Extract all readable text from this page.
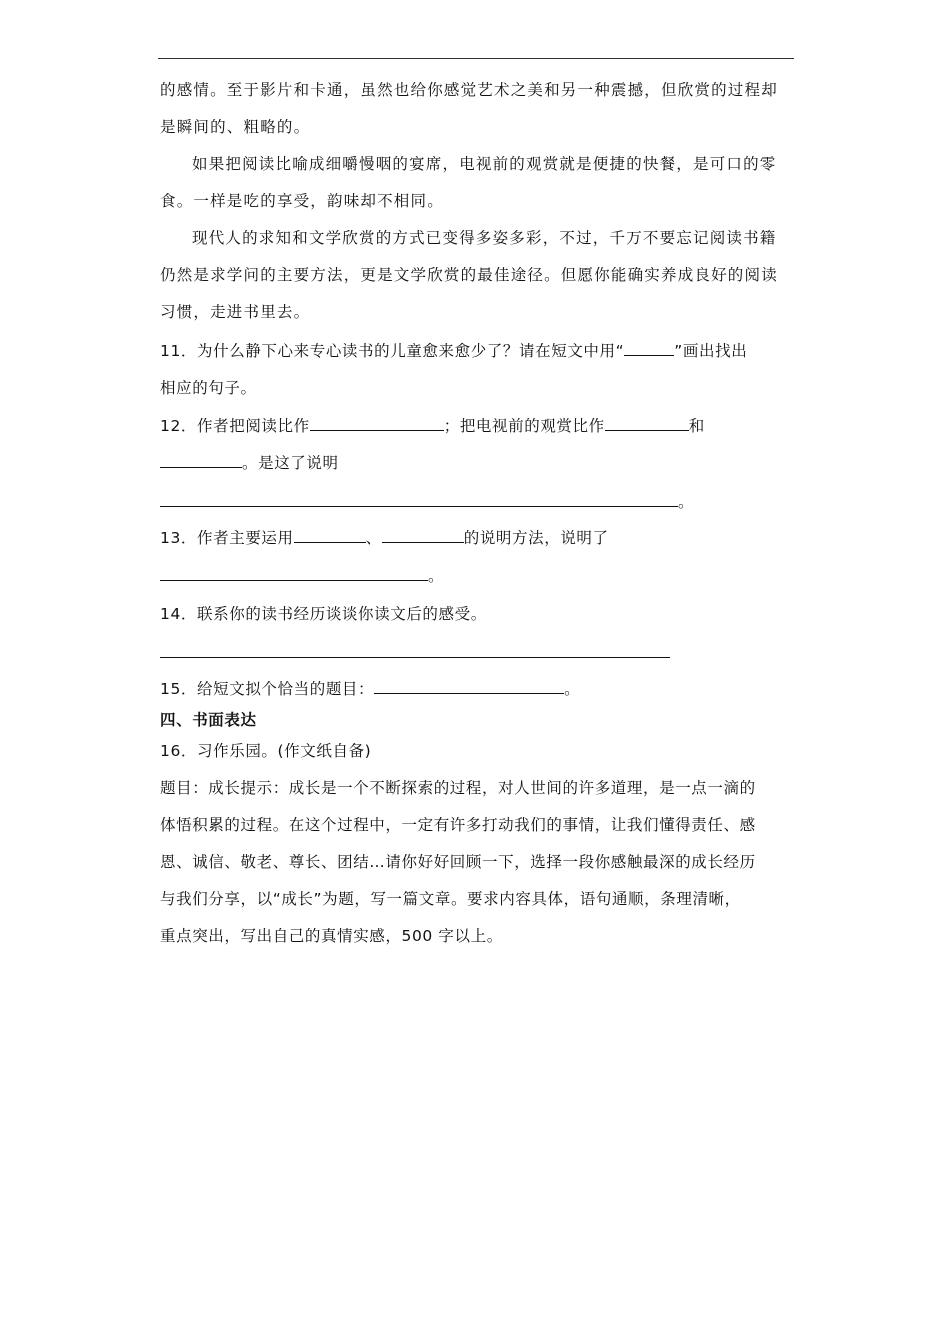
的感情。至于影片和卡通，虽然也给你感觉艺术之美和另一种震撼，但欣赏的过程却
是瞬间的、粗略的。
如果把阅读比喻成细嚼慢咽的宴席，电视前的观赏就是便捷的快餐，是可口的零
食。一样是吃的享受，韵味却不相同。
现代人的求知和文学欣赏的方式已变得多姿多彩，不过，千万不要忘记阅读书籍
仍然是求学问的主要方法，更是文学欣赏的最佳途径。但愿你能确实养成良好的阅读
习惯，走进书里去。
11．为什么静下心来专心读书的儿童愈来愈少了？请在短文中用“	”画出找出
相应的句子。
12．作者把阅读比作	；把电视前的观赏比作	和
。是这了说明
。
13．作者主要运用	、	的说明方法，说明了
。
14．联系你的读书经历谈谈你读文后的感受。
15．给短文拟个恰当的题目：	。
四、书面表达
16．习作乐园。(作文纸自备)
题目：成长提示：成长是一个不断探索的过程，对人世间的许多道理，是一点一滴的
体悟积累的过程。在这个过程中，一定有许多打动我们的事情，让我们懂得责任、感
恩、诚信、敬老、尊长、团结…请你好好回顾一下，选择一段你感触最深的成长经历
与我们分享，以“成长”为题，写一篇文章。要求内容具体，语句通顺，条理清晰，
重点突出，写出自己的真情实感，500 字以上。
